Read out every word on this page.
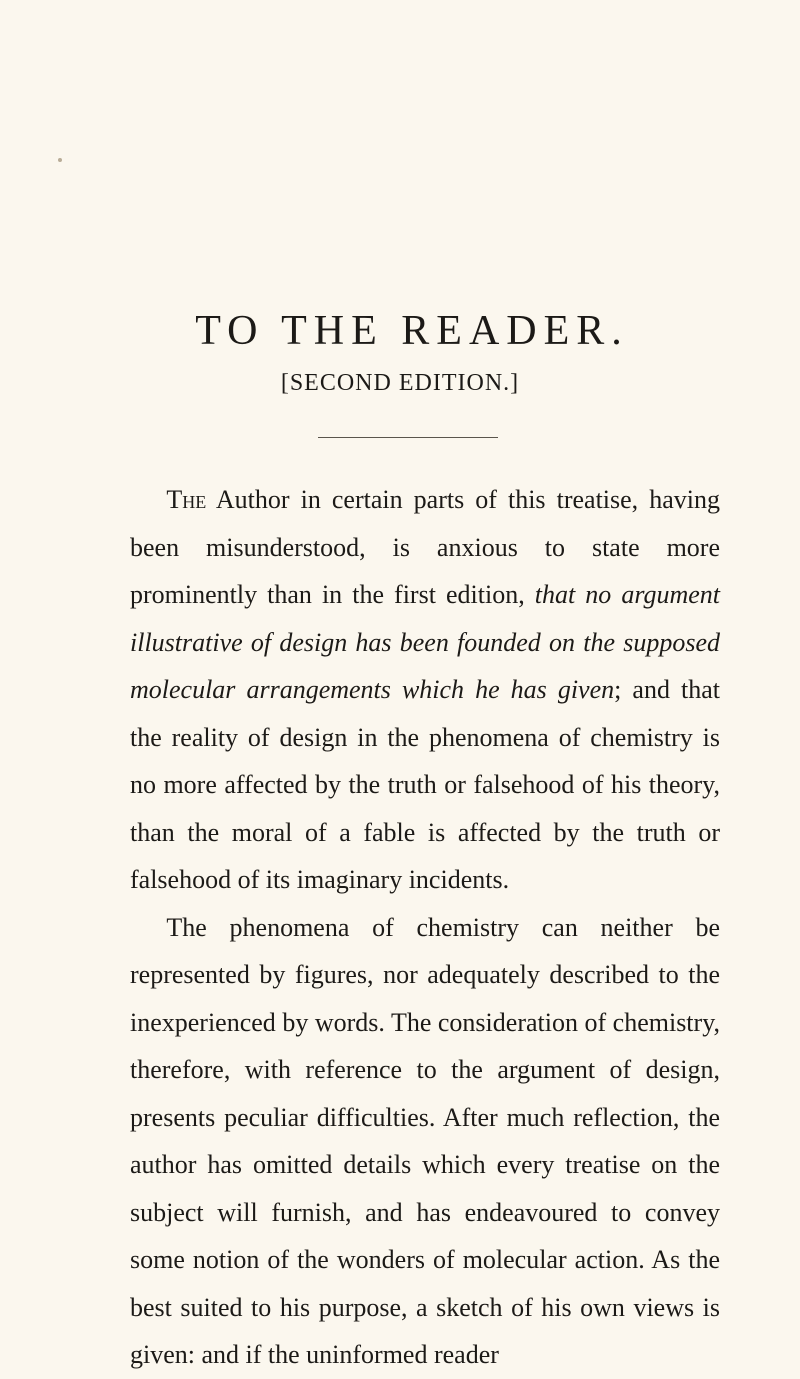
TO THE READER.
[SECOND EDITION.]

The Author in certain parts of this treatise, having been misunderstood, is anxious to state more prominently than in the first edition, that no argument illustrative of design has been founded on the supposed molecular arrangements which he has given; and that the reality of design in the phenomena of chemistry is no more affected by the truth or falsehood of his theory, than the moral of a fable is affected by the truth or falsehood of its imaginary incidents.

The phenomena of chemistry can neither be represented by figures, nor adequately described to the inexperienced by words. The consideration of chemistry, therefore, with reference to the argument of design, presents peculiar difficulties. After much reflection, the author has omitted details which every treatise on the subject will furnish, and has endeavoured to convey some notion of the wonders of molecular action. As the best suited to his purpose, a sketch of his own views is given: and if the uninformed reader
